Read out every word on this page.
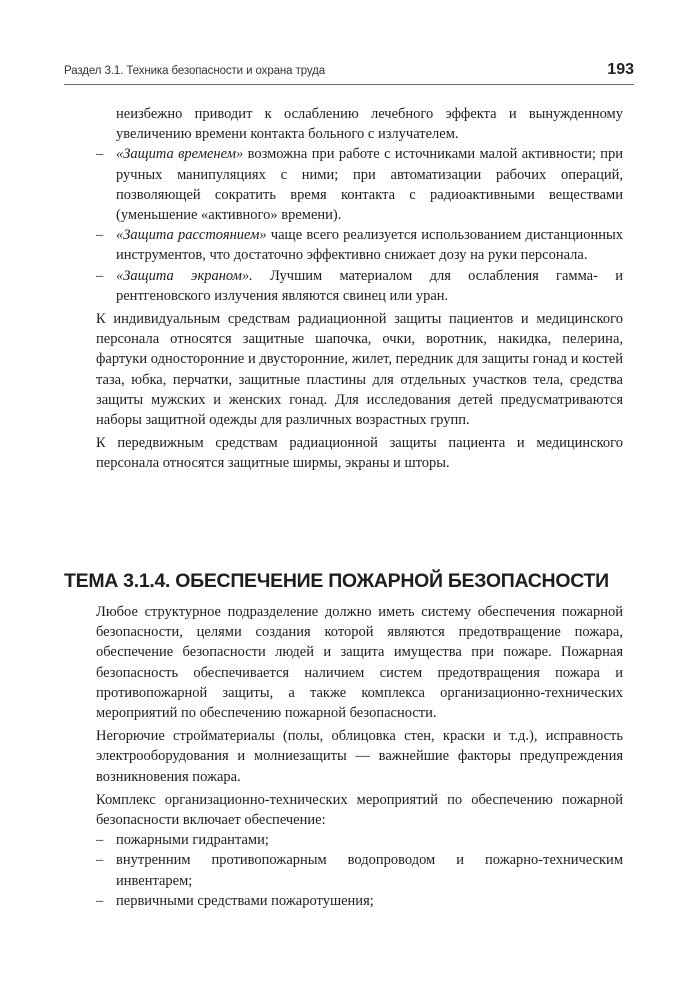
Раздел 3.1. Техника безопасности и охрана труда	193

неизбежно приводит к ослаблению лечебного эффекта и вынужденному увеличению времени контакта больного с излучателем.

– «Защита временем» возможна при работе с источниками малой активности; при ручных манипуляциях с ними; при автоматизации рабочих операций, позволяющей сократить время контакта с радиоактивными веществами (уменьшение «активного» времени).

– «Защита расстоянием» чаще всего реализуется использованием дистанционных инструментов, что достаточно эффективно снижает дозу на руки персонала.

– «Защита экраном». Лучшим материалом для ослабления гамма- и рентгеновского излучения являются свинец или уран.

К индивидуальным средствам радиационной защиты пациентов и медицинского персонала относятся защитные шапочка, очки, воротник, накидка, пелерина, фартуки односторонние и двусторонние, жилет, передник для защиты гонад и костей таза, юбка, перчатки, защитные пластины для отдельных участков тела, средства защиты мужских и женских гонад. Для исследования детей предусматриваются наборы защитной одежды для различных возрастных групп.

К передвижным средствам радиационной защиты пациента и медицинского персонала относятся защитные ширмы, экраны и шторы.

ТЕМА 3.1.4. ОБЕСПЕЧЕНИЕ ПОЖАРНОЙ БЕЗОПАСНОСТИ

Любое структурное подразделение должно иметь систему обеспечения пожарной безопасности, целями создания которой являются предотвращение пожара, обеспечение безопасности людей и защита имущества при пожаре. Пожарная безопасность обеспечивается наличием систем предотвращения пожара и противопожарной защиты, а также комплекса организационно-технических мероприятий по обеспечению пожарной безопасности.

Негорючие стройматериалы (полы, облицовка стен, краски и т.д.), исправность электрооборудования и молниезащиты — важнейшие факторы предупреждения возникновения пожара.

Комплекс организационно-технических мероприятий по обеспечению пожарной безопасности включает обеспечение:

– пожарными гидрантами;

– внутренним противопожарным водопроводом и пожарно-техническим инвентарем;

– первичными средствами пожаротушения;
